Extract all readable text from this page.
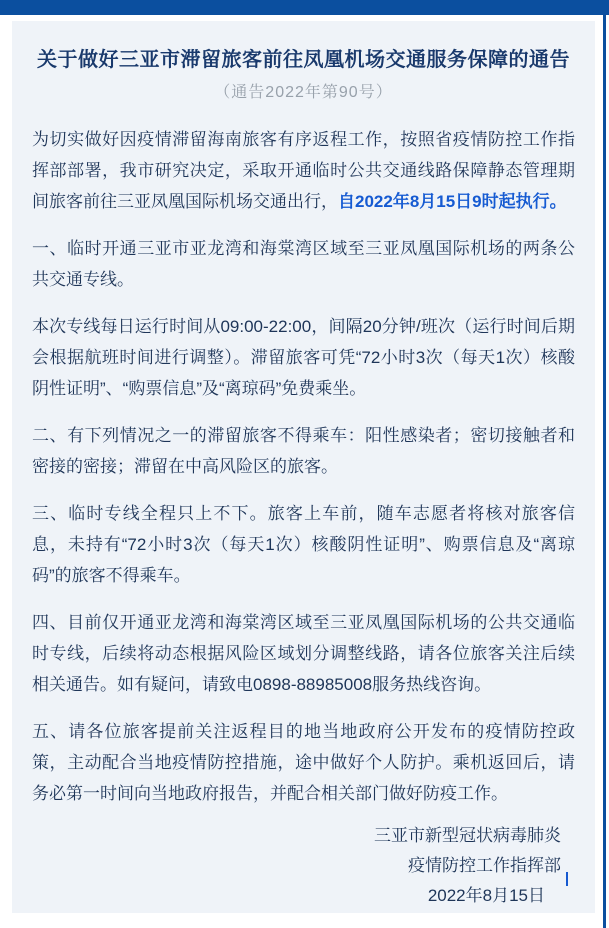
关于做好三亚市滞留旅客前往凤凰机场交通服务保障的通告
（通告2022年第90号）

为切实做好因疫情滞留海南旅客有序返程工作，按照省疫情防控工作指挥部部署，我市研究决定，采取开通临时公共交通线路保障静态管理期间旅客前往三亚凤凰国际机场交通出行，自2022年8月15日9时起执行。

一、临时开通三亚市亚龙湾和海棠湾区域至三亚凤凰国际机场的两条公共交通专线。

本次专线每日运行时间从09:00-22:00，间隔20分钟/班次（运行时间后期会根据航班时间进行调整）。滞留旅客可凭“72小时3次（每天1次）核酸阴性证明”、“购票信息”及“离琼码”免费乘坐。

二、有下列情况之一的滞留旅客不得乘车：阳性感染者；密切接触者和密接的密接；滞留在中高风险区的旅客。

三、临时专线全程只上不下。旅客上车前，随车志愿者将核对旅客信息，未持有“72小时3次（每天1次）核酸阴性证明”、购票信息及“离琼码”的旅客不得乘车。

四、目前仅开通亚龙湾和海棠湾区域至三亚凤凰国际机场的公共交通临时专线，后续将动态根据风险区域划分调整线路，请各位旅客关注后续相关通告。如有疑问，请致电0898-88985008服务热线咨询。

五、请各位旅客提前关注返程目的地当地政府公开发布的疫情防控政策，主动配合当地疫情防控措施，途中做好个人防护。乘机返回后，请务必第一时间向当地政府报告，并配合相关部门做好防疫工作。

三亚市新型冠状病毒肺炎
疫情防控工作指挥部
2022年8月15日
